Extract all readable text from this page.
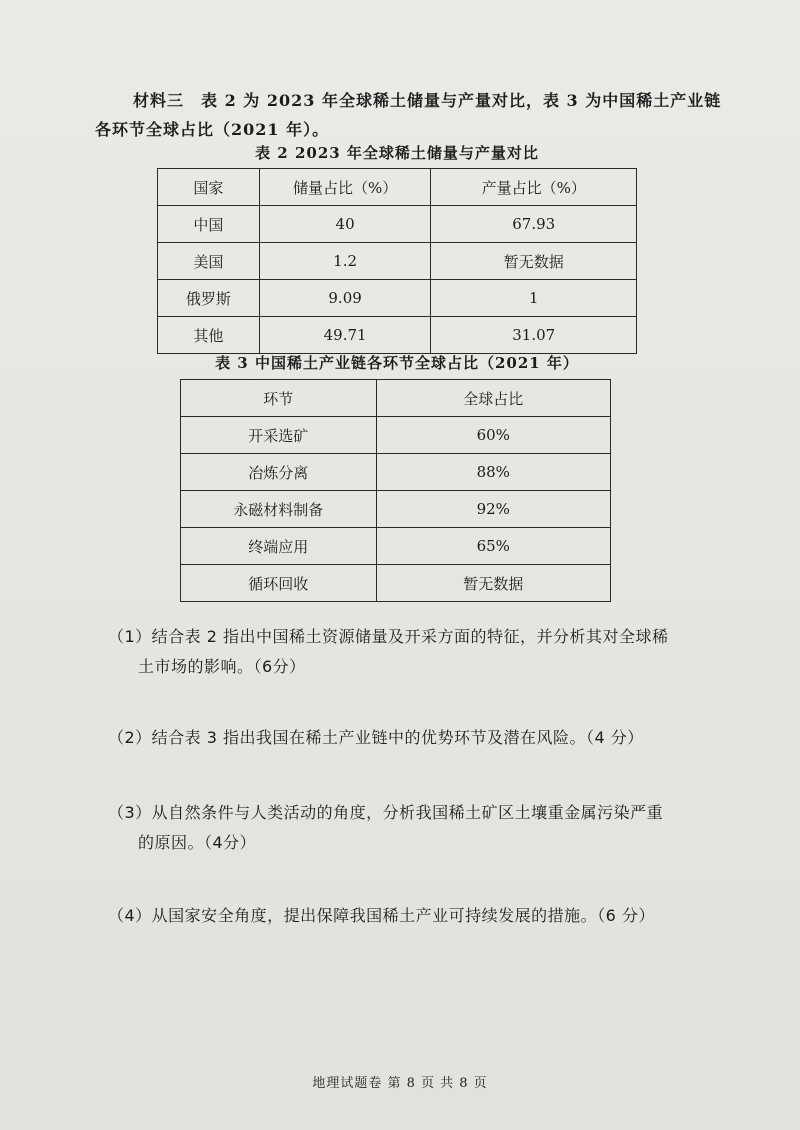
材料三　表 2 为 2023 年全球稀土储量与产量对比，表 3 为中国稀土产业链
各环节全球占比（2021 年）。
表 2 2023 年全球稀土储量与产量对比
国家	储量占比（%）	产量占比（%）
中国	40	67.93
美国	1.2	暂无数据
俄罗斯	9.09	1
其他	49.71	31.07
表 3 中国稀土产业链各环节全球占比（2021 年）
环节	全球占比
开采选矿	60%
冶炼分离	88%
永磁材料制备	92%
终端应用	65%
循环回收	暂无数据
（1）结合表 2 指出中国稀土资源储量及开采方面的特征，并分析其对全球稀
土市场的影响。（6分）
（2）结合表 3 指出我国在稀土产业链中的优势环节及潜在风险。（4 分）
（3）从自然条件与人类活动的角度，分析我国稀土矿区土壤重金属污染严重
的原因。（4分）
（4）从国家安全角度，提出保障我国稀土产业可持续发展的措施。（6 分）
地理试题卷 第 8 页 共 8 页
